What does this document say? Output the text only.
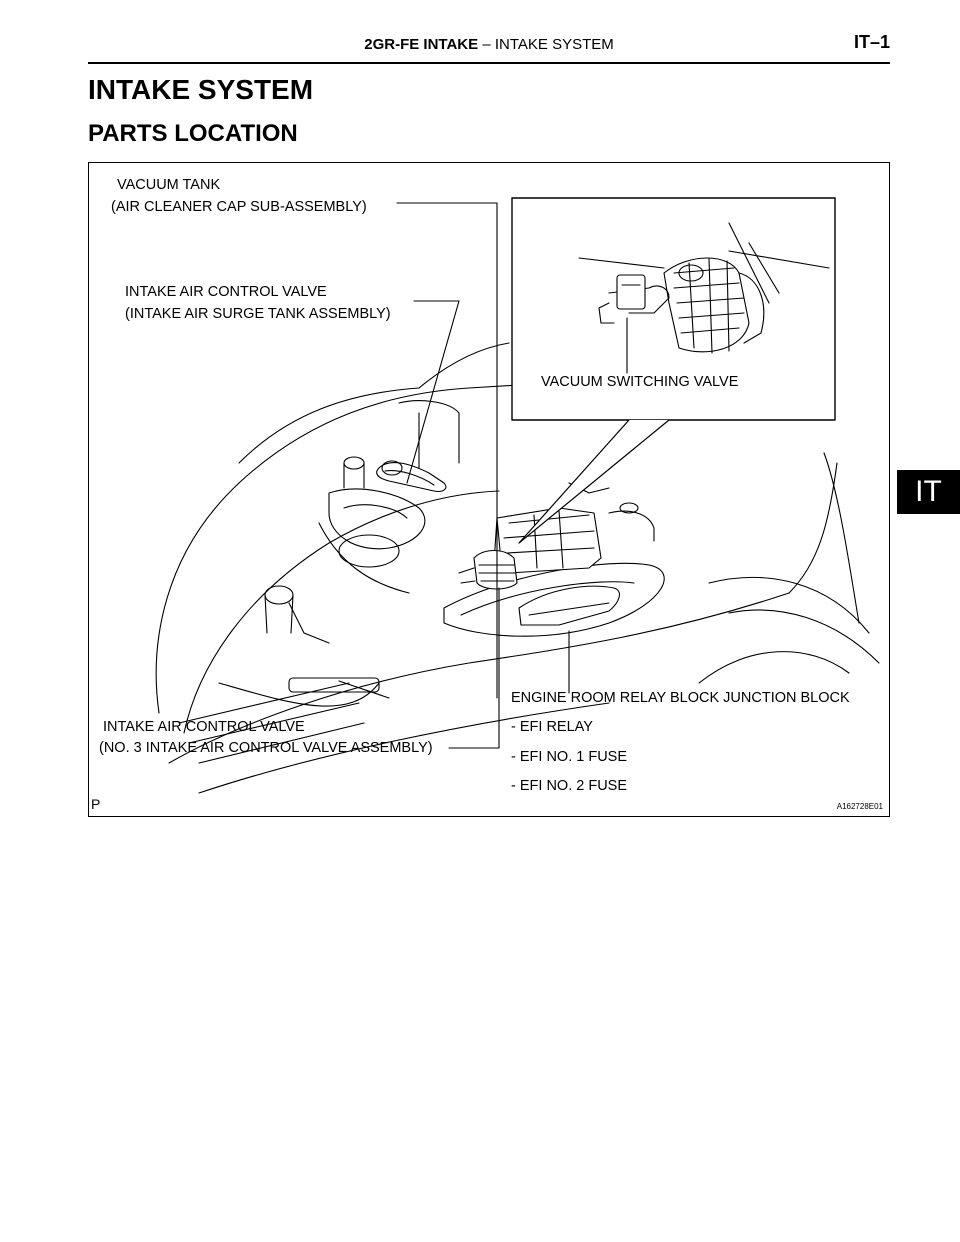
2GR-FE INTAKE – INTAKE SYSTEM	IT–1
INTAKE SYSTEM
PARTS LOCATION
IT
VACUUM TANK
(AIR CLEANER CAP SUB-ASSEMBLY)
INTAKE AIR CONTROL VALVE
(INTAKE AIR SURGE TANK ASSEMBLY)
VACUUM SWITCHING VALVE
ENGINE ROOM RELAY BLOCK JUNCTION BLOCK
- EFI RELAY
- EFI NO. 1 FUSE
- EFI NO. 2 FUSE
INTAKE AIR CONTROL VALVE
(NO. 3 INTAKE AIR CONTROL VALVE ASSEMBLY)
P	A162728E01
